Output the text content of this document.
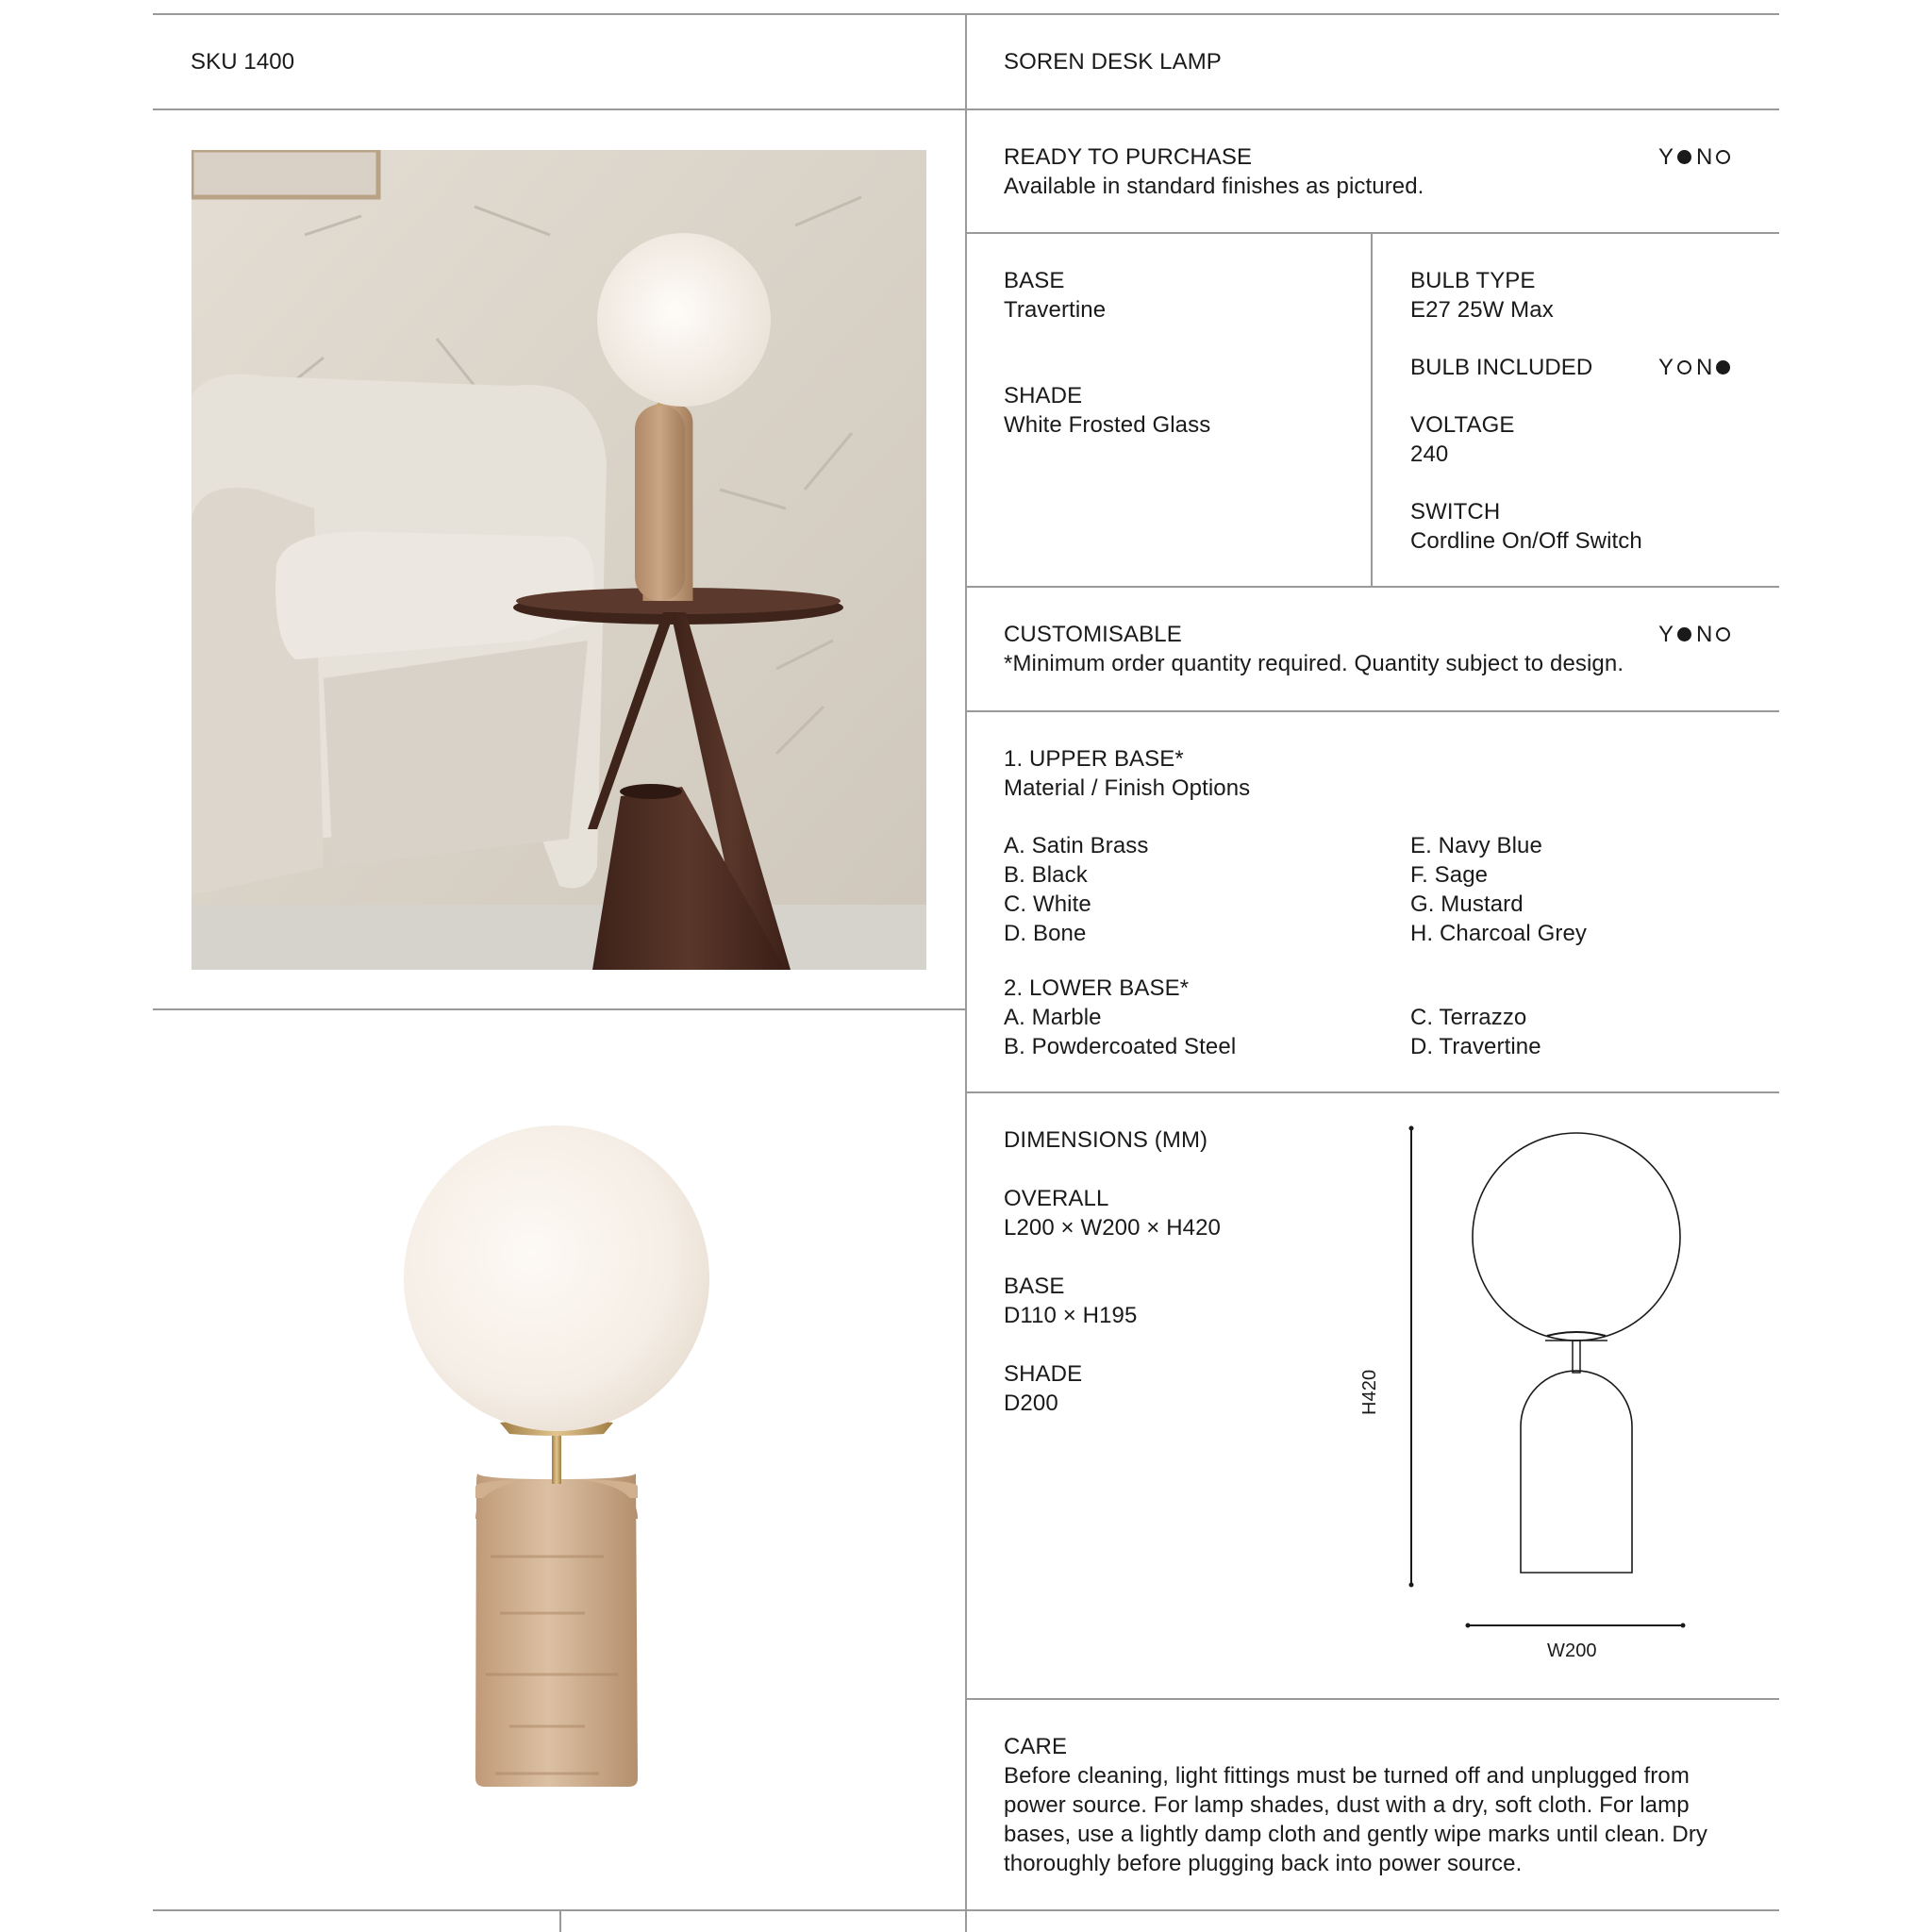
SKU 1400	SOREN DESK LAMP
READY TO PURCHASE
Available in standard finishes as pictured.
Y N
BASE
Travertine
SHADE
White Frosted Glass
BULB TYPE
E27 25W Max
BULB INCLUDED	Y N
VOLTAGE
240
SWITCH
Cordline On/Off Switch
CUSTOMISABLE
*Minimum order quantity required. Quantity subject to design.
Y N
1. UPPER BASE*
Material / Finish Options
A. Satin Brass
B. Black
C. White
D. Bone
E. Navy Blue
F. Sage
G. Mustard
H. Charcoal Grey
2. LOWER BASE*
A. Marble
B. Powdercoated Steel
C. Terrazzo
D. Travertine
DIMENSIONS (MM)
OVERALL
L200 × W200 × H420
BASE
D110 × H195
SHADE
D200	H420
W200
CARE
Before cleaning, light fittings must be turned off and unplugged from power source. For lamp shades, dust with a dry, soft cloth. For lamp bases, use a lightly damp cloth and gently wipe marks until clean. Dry thoroughly before plugging back into power source.
